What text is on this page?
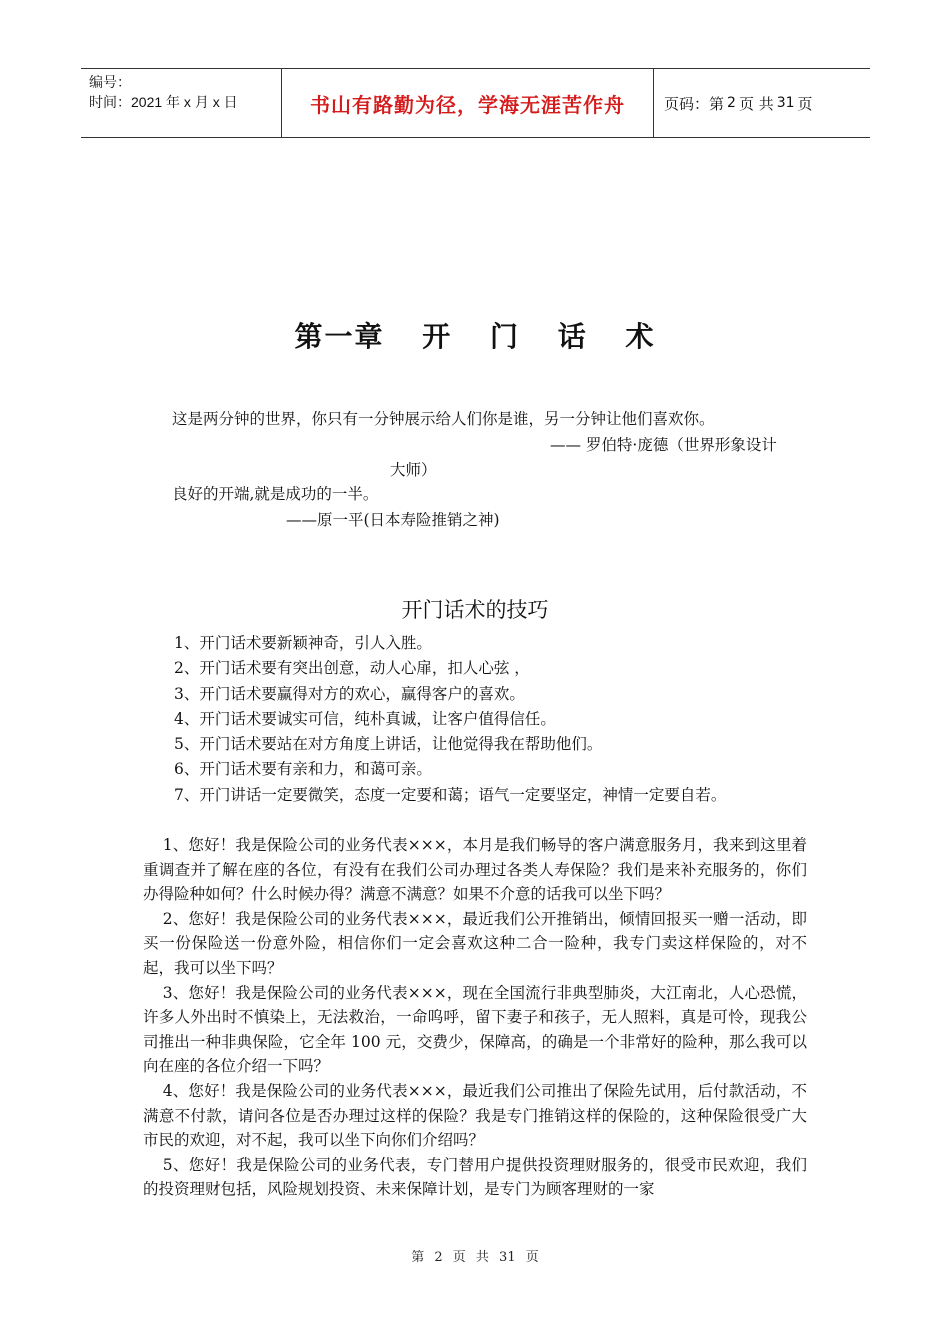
编号：
时间：2021 年 x 月 x 日	书山有路勤为径，学海无涯苦作舟	页码：第 2 页 共 31 页
第一章 开 门 话 术
这是两分钟的世界，你只有一分钟展示给人们你是谁，另一分钟让他们喜欢你。
—— 罗伯特·庞德（世界形象设计
大师）
良好的开端,就是成功的一半。
——原一平(日本寿险推销之神)
开门话术的技巧
1、开门话术要新颖神奇，引人入胜。
2、开门话术要有突出创意，动人心扉，扣人心弦 ，
3、开门话术要赢得对方的欢心，赢得客户的喜欢。
4、开门话术要诚实可信，纯朴真诚，让客户值得信任。
5、开门话术要站在对方角度上讲话，让他觉得我在帮助他们。
6、开门话术要有亲和力，和蔼可亲。
7、开门讲话一定要微笑，态度一定要和蔼；语气一定要坚定，神情一定要自若。

1、您好！我是保险公司的业务代表×××，本月是我们畅导的客户满意服务月，我来到这里着重调查并了解在座的各位，有没有在我们公司办理过各类人寿保险？我们是来补充服务的，你们办得险种如何？什么时候办得？满意不满意？如果不介意的话我可以坐下吗？

2、您好！我是保险公司的业务代表×××，最近我们公开推销出，倾情回报买一赠一活动，即买一份保险送一份意外险，相信你们一定会喜欢这种二合一险种，我专门卖这样保险的，对不起，我可以坐下吗？

3、您好！我是保险公司的业务代表×××，现在全国流行非典型肺炎，大江南北，人心恐慌，许多人外出时不慎染上，无法救治，一命呜呼，留下妻子和孩子，无人照料，真是可怜，现我公司推出一种非典保险，它全年 100 元，交费少，保障高，的确是一个非常好的险种，那么我可以向在座的各位介绍一下吗？

4、您好！我是保险公司的业务代表×××，最近我们公司推出了保险先试用，后付款活动，不满意不付款，请问各位是否办理过这样的保险？我是专门推销这样的保险的，这种保险很受广大市民的欢迎，对不起，我可以坐下向你们介绍吗？

5、您好！我是保险公司的业务代表，专门替用户提供投资理财服务的，很受市民欢迎，我们的投资理财包括，风险规划投资、未来保障计划，是专门为顾客理财的一家

第 2 页 共 31 页
